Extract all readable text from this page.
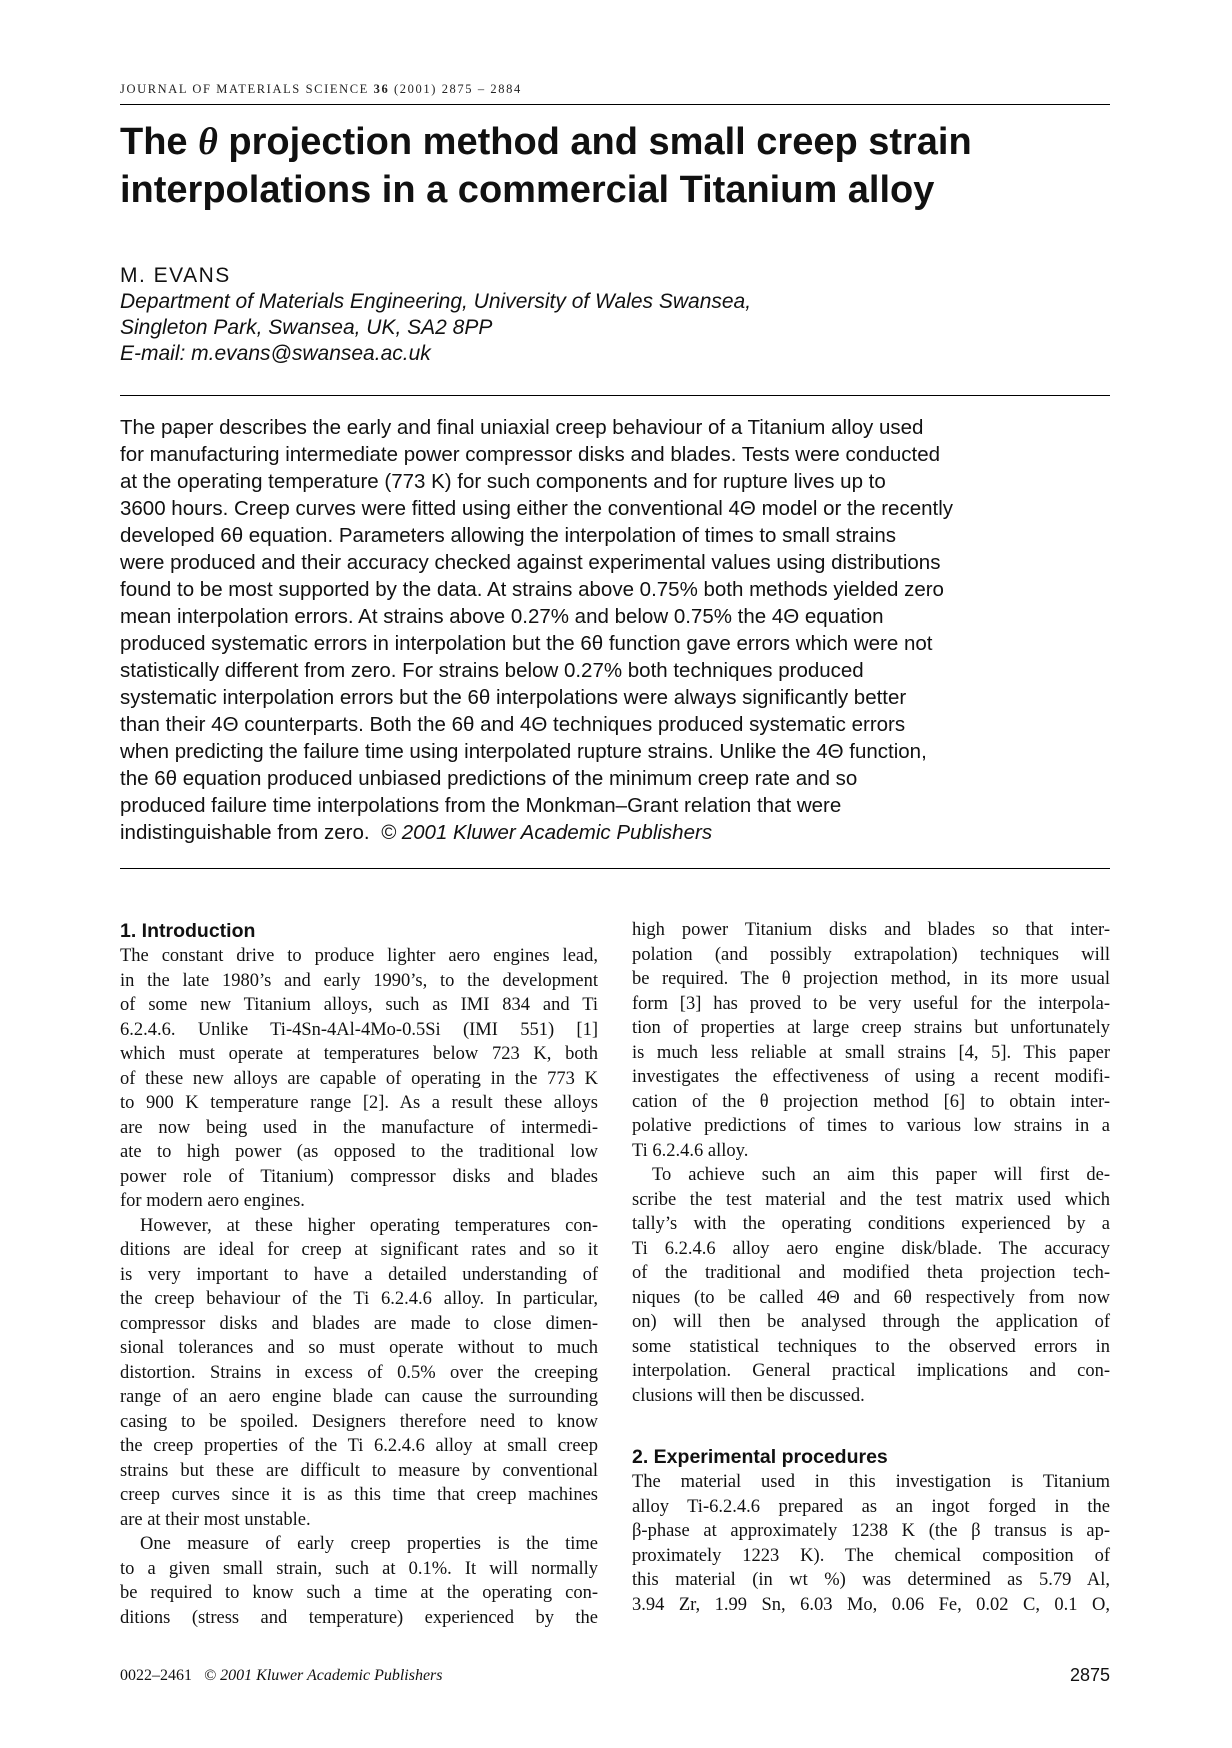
JOURNAL OF MATERIALS SCIENCE 36 (2001) 2875 – 2884
The θ projection method and small creep strain
interpolations in a commercial Titanium alloy
M. EVANS
Department of Materials Engineering, University of Wales Swansea,
Singleton Park, Swansea, UK, SA2 8PP
E-mail: m.evans@swansea.ac.uk
The paper describes the early and final uniaxial creep behaviour of a Titanium alloy used
for manufacturing intermediate power compressor disks and blades. Tests were conducted
at the operating temperature (773 K) for such components and for rupture lives up to
3600 hours. Creep curves were fitted using either the conventional 4Θ model or the recently
developed 6θ equation. Parameters allowing the interpolation of times to small strains
were produced and their accuracy checked against experimental values using distributions
found to be most supported by the data. At strains above 0.75% both methods yielded zero
mean interpolation errors. At strains above 0.27% and below 0.75% the 4Θ equation
produced systematic errors in interpolation but the 6θ function gave errors which were not
statistically different from zero. For strains below 0.27% both techniques produced
systematic interpolation errors but the 6θ interpolations were always significantly better
than their 4Θ counterparts. Both the 6θ and 4Θ techniques produced systematic errors
when predicting the failure time using interpolated rupture strains. Unlike the 4Θ function,
the 6θ equation produced unbiased predictions of the minimum creep rate and so
produced failure time interpolations from the Monkman–Grant relation that were
indistinguishable from zero. © 2001 Kluwer Academic Publishers
1. Introduction
The constant drive to produce lighter aero engines lead,
in the late 1980’s and early 1990’s, to the development
of some new Titanium alloys, such as IMI 834 and Ti
6.2.4.6. Unlike Ti-4Sn-4Al-4Mo-0.5Si (IMI 551) [1]
which must operate at temperatures below 723 K, both
of these new alloys are capable of operating in the 773 K
to 900 K temperature range [2]. As a result these alloys
are now being used in the manufacture of intermedi-
ate to high power (as opposed to the traditional low
power role of Titanium) compressor disks and blades
for modern aero engines.
However, at these higher operating temperatures con-
ditions are ideal for creep at significant rates and so it
is very important to have a detailed understanding of
the creep behaviour of the Ti 6.2.4.6 alloy. In particular,
compressor disks and blades are made to close dimen-
sional tolerances and so must operate without to much
distortion. Strains in excess of 0.5% over the creeping
range of an aero engine blade can cause the surrounding
casing to be spoiled. Designers therefore need to know
the creep properties of the Ti 6.2.4.6 alloy at small creep
strains but these are difficult to measure by conventional
creep curves since it is as this time that creep machines
are at their most unstable.
One measure of early creep properties is the time
to a given small strain, such at 0.1%. It will normally
be required to know such a time at the operating con-
ditions (stress and temperature) experienced by the
high power Titanium disks and blades so that inter-
polation (and possibly extrapolation) techniques will
be required. The θ projection method, in its more usual
form [3] has proved to be very useful for the interpola-
tion of properties at large creep strains but unfortunately
is much less reliable at small strains [4, 5]. This paper
investigates the effectiveness of using a recent modifi-
cation of the θ projection method [6] to obtain inter-
polative predictions of times to various low strains in a
Ti 6.2.4.6 alloy.
To achieve such an aim this paper will first de-
scribe the test material and the test matrix used which
tally’s with the operating conditions experienced by a
Ti 6.2.4.6 alloy aero engine disk/blade. The accuracy
of the traditional and modified theta projection tech-
niques (to be called 4Θ and 6θ respectively from now
on) will then be analysed through the application of
some statistical techniques to the observed errors in
interpolation. General practical implications and con-
clusions will then be discussed.
2. Experimental procedures
The material used in this investigation is Titanium
alloy Ti-6.2.4.6 prepared as an ingot forged in the
β-phase at approximately 1238 K (the β transus is ap-
proximately 1223 K). The chemical composition of
this material (in wt %) was determined as 5.79 Al,
3.94 Zr, 1.99 Sn, 6.03 Mo, 0.06 Fe, 0.02 C, 0.1 O,
0022–2461 © 2001 Kluwer Academic Publishers	2875
